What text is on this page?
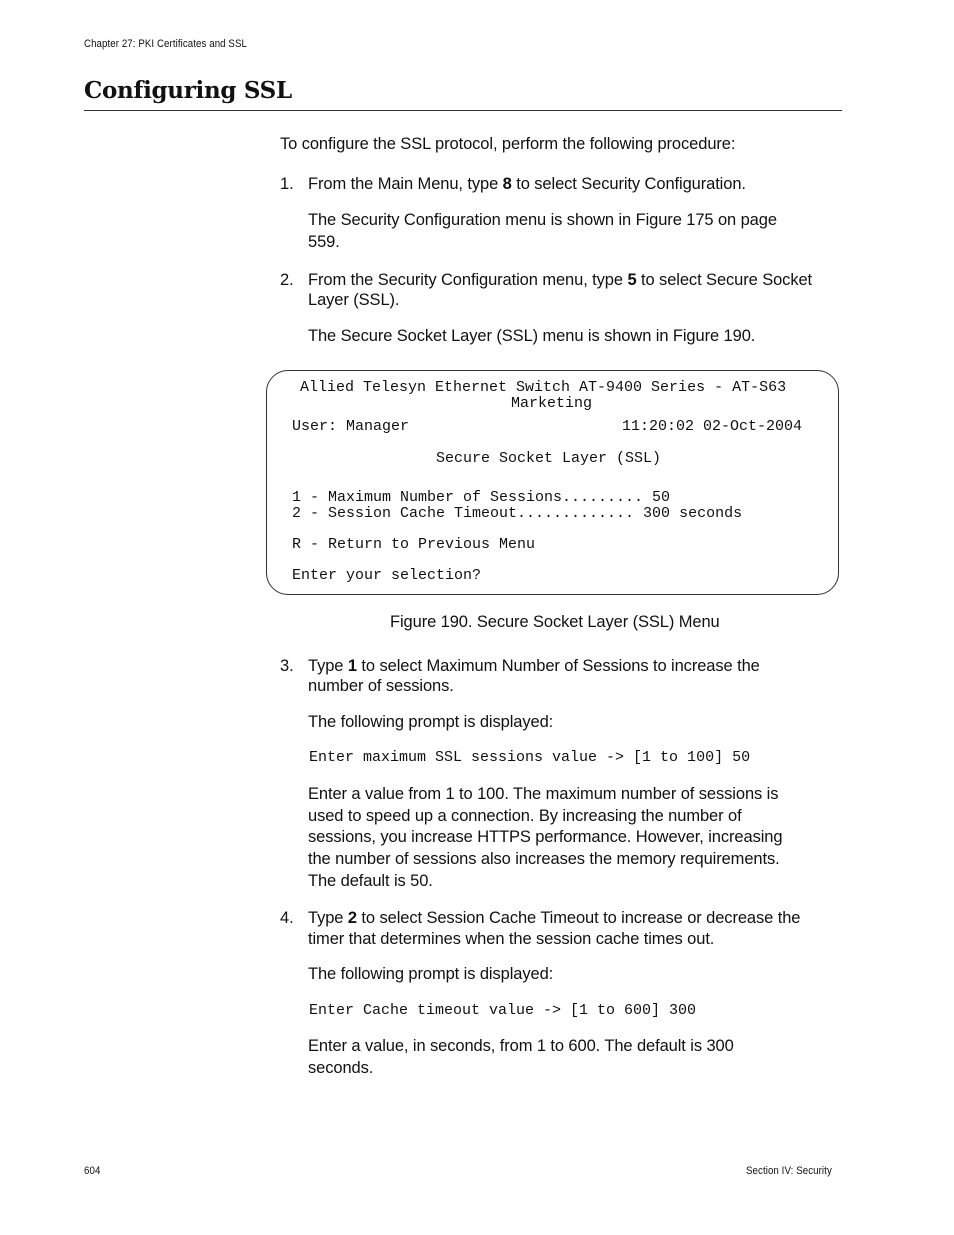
Chapter 27: PKI Certificates and SSL
Configuring SSL
To configure the SSL protocol, perform the following procedure:
1. From the Main Menu, type 8 to select Security Configuration.
The Security Configuration menu is shown in Figure 175 on page
559.
2. From the Security Configuration menu, type 5 to select Secure Socket
Layer (SSL).
The Secure Socket Layer (SSL) menu is shown in Figure 190.
Allied Telesyn Ethernet Switch AT-9400 Series - AT-S63
Marketing
User: Manager	11:20:02 02-Oct-2004
Secure Socket Layer (SSL)
1 - Maximum Number of Sessions......... 50
2 - Session Cache Timeout............. 300 seconds
R - Return to Previous Menu
Enter your selection?
Figure 190. Secure Socket Layer (SSL) Menu
3. Type 1 to select Maximum Number of Sessions to increase the
number of sessions.
The following prompt is displayed:
Enter maximum SSL sessions value -> [1 to 100] 50
Enter a value from 1 to 100. The maximum number of sessions is
used to speed up a connection. By increasing the number of
sessions, you increase HTTPS performance. However, increasing
the number of sessions also increases the memory requirements.
The default is 50.
4. Type 2 to select Session Cache Timeout to increase or decrease the
timer that determines when the session cache times out.
The following prompt is displayed:
Enter Cache timeout value -> [1 to 600] 300
Enter a value, in seconds, from 1 to 600. The default is 300
seconds.
604	Section IV: Security
